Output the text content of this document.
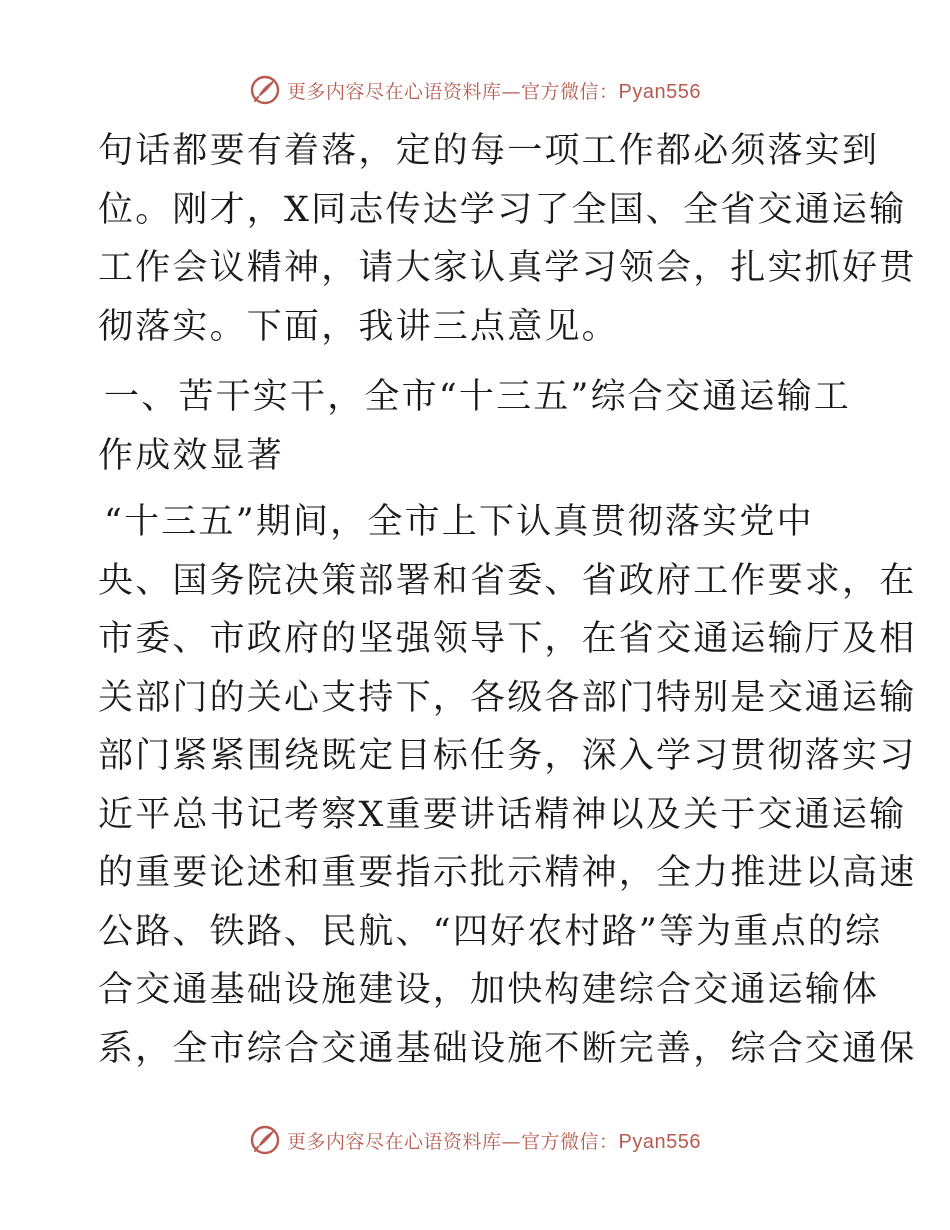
更多内容尽在心语资料库—官方微信：Pyan556
句话都要有着落，定的每一项工作都必须落实到
位。刚才，X同志传达学习了全国、全省交通运输
工作会议精神，请大家认真学习领会，扎实抓好贯
彻落实。下面，我讲三点意见。
一、苦干实干，全市“十三五”综合交通运输工
作成效显著
“十三五”期间，全市上下认真贯彻落实党中
央、国务院决策部署和省委、省政府工作要求，在
市委、市政府的坚强领导下，在省交通运输厅及相
关部门的关心支持下，各级各部门特别是交通运输
部门紧紧围绕既定目标任务，深入学习贯彻落实习
近平总书记考察X重要讲话精神以及关于交通运输
的重要论述和重要指示批示精神，全力推进以高速
公路、铁路、民航、“四好农村路”等为重点的综
合交通基础设施建设，加快构建综合交通运输体
系，全市综合交通基础设施不断完善，综合交通保
更多内容尽在心语资料库—官方微信：Pyan556
